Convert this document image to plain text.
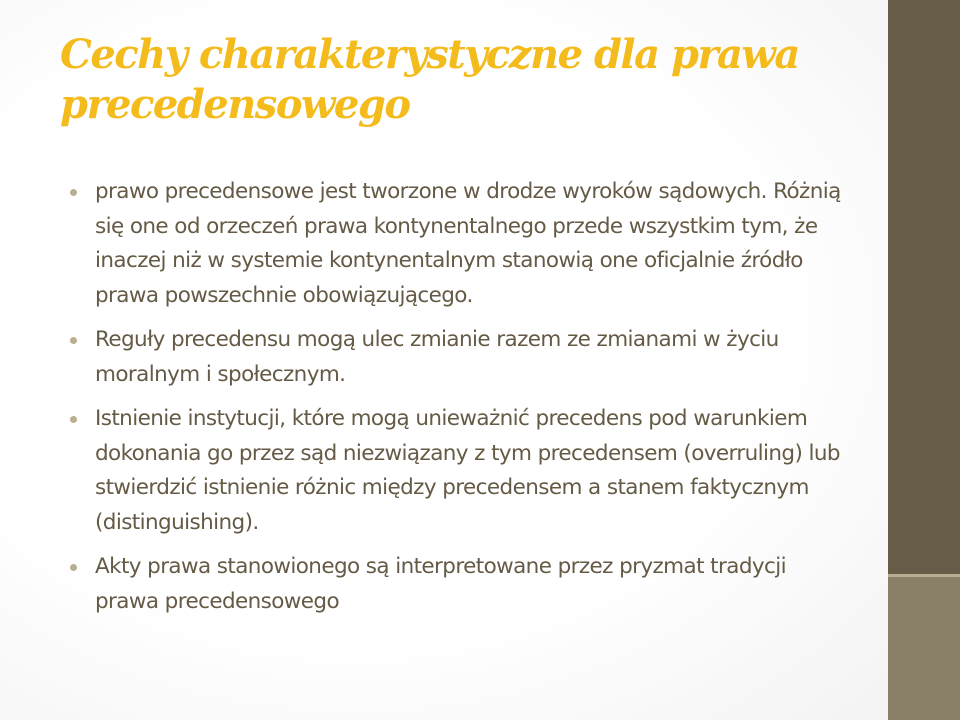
Cechy charakterystyczne dla prawa precedensowego
prawo precedensowe jest tworzone w drodze wyroków sądowych. Różnią się one od orzeczeń prawa kontynentalnego przede wszystkim tym, że inaczej niż w systemie kontynentalnym stanowią one oficjalnie źródło prawa powszechnie obowiązującego.
Reguły precedensu mogą ulec zmianie razem ze zmianami w życiu moralnym i społecznym.
Istnienie instytucji, które mogą unieważnić precedens pod warunkiem dokonania go przez sąd niezwiązany z tym precedensem (overruling) lub stwierdzić istnienie różnic między precedensem a stanem faktycznym (distinguishing).
Akty prawa stanowionego są interpretowane przez pryzmat tradycji prawa precedensowego
